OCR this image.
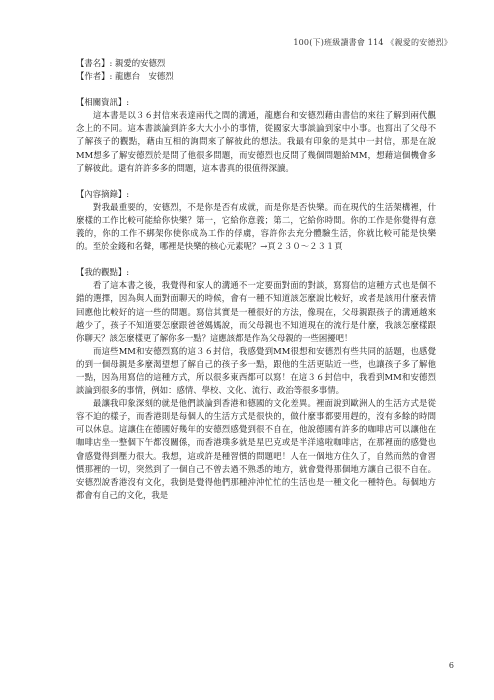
100(下)班級讀書會 114 《親愛的安德烈》
【書名】: 親愛的安德烈
【作者】: 龍應台　安德烈
【相關資訊】:

這本書是以３６封信來表達兩代之間的溝通，龍應台和安德烈藉由書信的來往了解到兩代觀念上的不同。這本書談論到許多大大小小的事情，從國家大事談論到家中小事。也寫出了父母不了解孩子的觀點，藉由互相的詢問來了解彼此的想法。我最有印象的是其中一封信，那是在說MM想多了解安德烈於是問了他很多問題，而安德烈也反問了幾個問題給MM，想藉這個機會多了解彼此。還有許許多多的問題，這本書真的很值得深讀。

【內容摘錄】:

對我最重要的，安德烈，不是你是否有成就，而是你是否快樂。而在現代的生活架構裡，什麼樣的工作比較可能給你快樂？第一，它給你意義；第二，它給你時間。你的工作是你覺得有意義的，你的工作不綁架你使你成為工作的俘虜，容許你去充分體驗生活，你就比較可能是快樂的。至於金錢和名聲，哪裡是快樂的核心元素呢？→頁２３０～２３１頁

【我的觀點】:

看了這本書之後，我覺得和家人的溝通不一定要面對面的對談，寫寫信的這種方式也是個不錯的選擇，因為與人面對面聊天的時候，會有一種不知道該怎麼說比較好，或者是該用什麼表情回應他比較好的這一些的問題。寫信其實是一種很好的方法，像現在，父母親跟孩子的溝通越來越少了，孩子不知道要怎麼跟爸爸媽媽說，而父母親也不知道現在的流行是什麼，我該怎麼樣跟你聊天？該怎麼樣更了解你多一點？這應該都是作為父母親的一些困擾吧！

而這些MM和安德烈寫的這３６封信，我感覺到MM很想和安德烈有些共同的話題，也感覺的到一個母親是多麼渴望想了解自己的孩子多一點，跟他的生活更貼近一些，也讓孩子多了解他一點，因為用寫信的這種方式，所以很多東西都可以寫！在這３６封信中，我看到MM和安德烈談論到很多的事情，例如：感情、學校、文化、流行、政治等很多事情。

最讓我印象深刻的就是他們談論到香港和德國的文化差異。裡面說到歐洲人的生活方式是從容不迫的樣子，而香港則是每個人的生活方式是很快的，做什麼事都要用趕的，沒有多餘的時間可以休息。這讓住在德國好幾年的安德烈感覺到很不自在，他說德國有許多的咖啡店可以讓他在咖啡店坐一整個下午都沒關係，而香港璞多就是星巴克或是半洋遠啦咖啡店，在那裡面的感覺也會感覺得到壓力很大。我想，這或許是種習慣的問題吧！人在一個地方住久了，自然而然的會習慣那裡的一切，突然到了一個自己不曾去過不熟悉的地方，就會覺得那個地方讓自己很不自在。安德烈說香港沒有文化，我倒是覺得他們那種沖沖忙忙的生活也是一種文化一種特色。每個地方都會有自己的文化，我是

6
